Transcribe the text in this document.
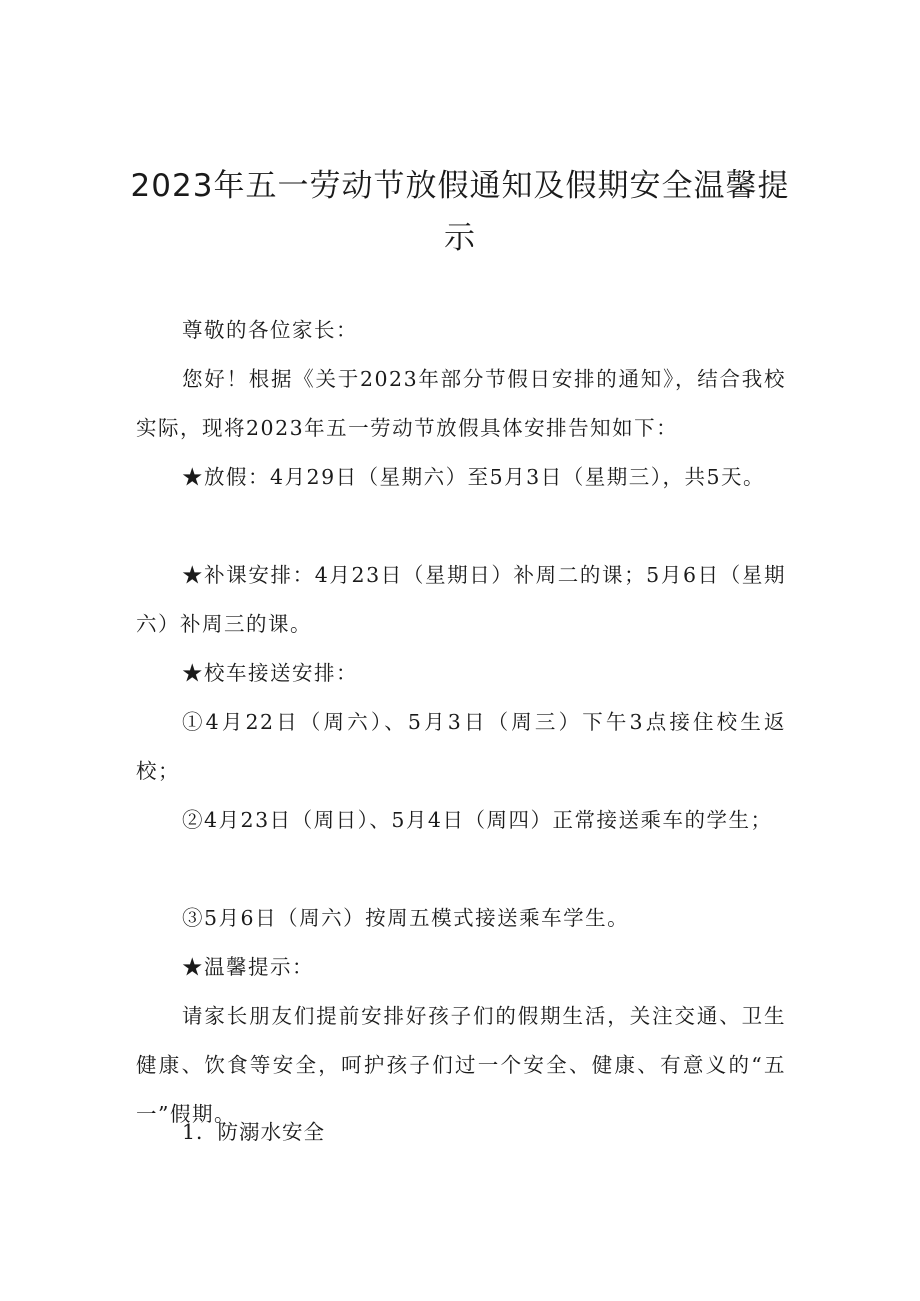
2023年五一劳动节放假通知及假期安全温馨提示

尊敬的各位家长：

您好！根据《关于2023年部分节假日安排的通知》，结合我校实际，现将2023年五一劳动节放假具体安排告知如下：

★放假：4月29日（星期六）至5月3日（星期三），共5天。

★补课安排：4月23日（星期日）补周二的课；5月6日（星期六）补周三的课。

★校车接送安排：

①4月22日（周六）、5月3日（周三）下午3点接住校生返校；

②4月23日（周日）、5月4日（周四）正常接送乘车的学生；

③5月6日（周六）按周五模式接送乘车学生。

★温馨提示：

请家长朋友们提前安排好孩子们的假期生活，关注交通、卫生健康、饮食等安全，呵护孩子们过一个安全、健康、有意义的“五一”假期。

1．防溺水安全
